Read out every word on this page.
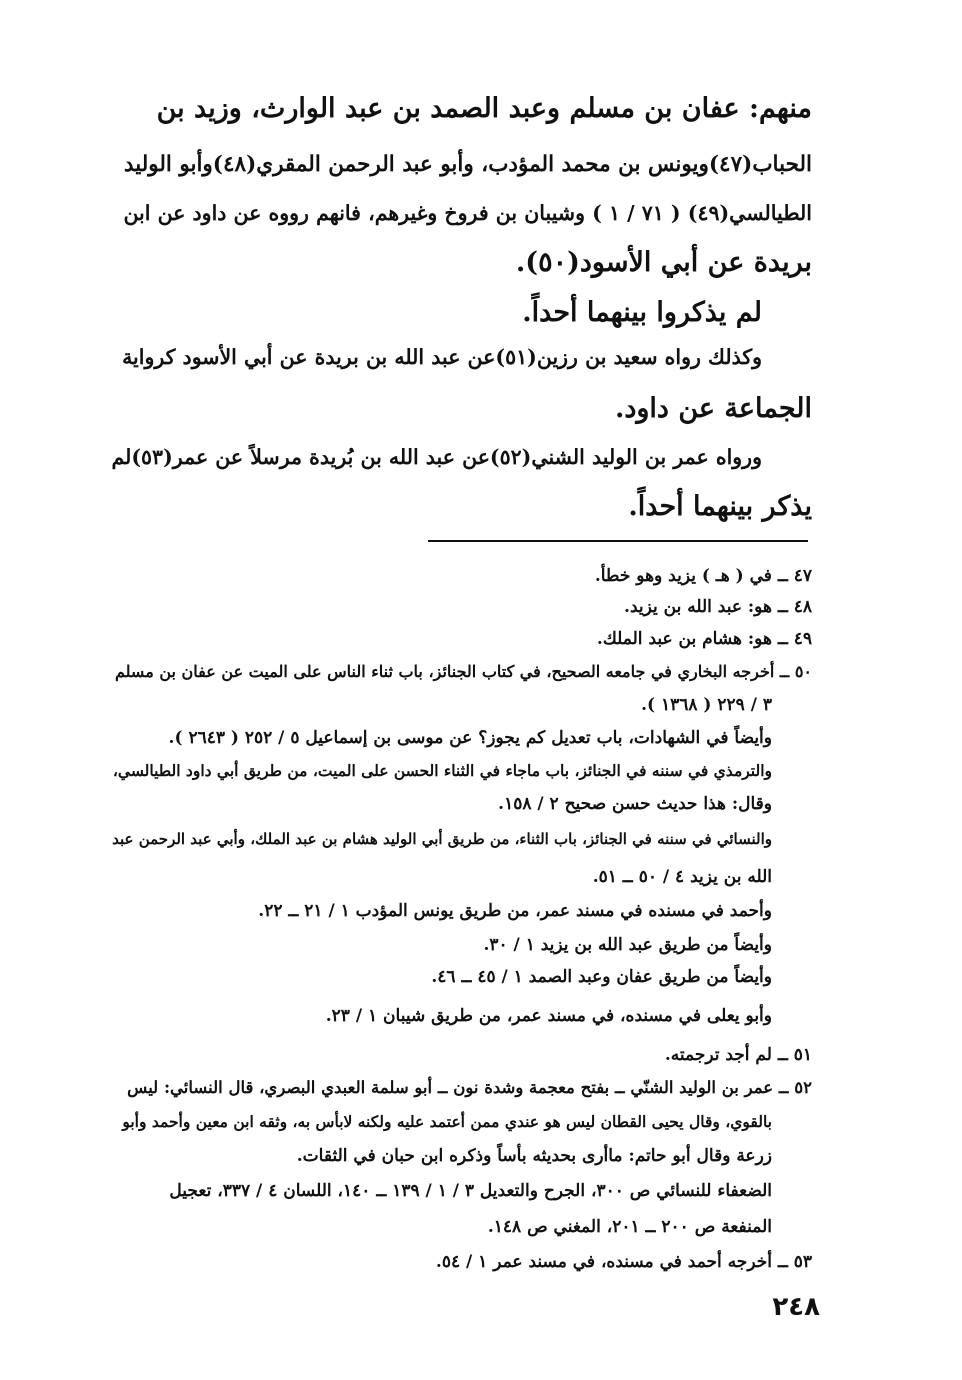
منهم: عفان بن مسلم وعبد الصمد بن عبد الوارث، وزيد بن
الحباب(٤٧)ويونس بن محمد المؤدب، وأبو عبد الرحمن المقري(٤٨)وأبو الوليد
الطيالسي(٤٩) ( ٧١ / ١ ) وشيبان بن فروخ وغيرهم، فانهم رووه عن داود عن ابن
بريدة عن أبي الأسود(٥٠).
لم يذكروا بينهما أحداً.
وكذلك رواه سعيد بن رزين(٥١)عن عبد الله بن بريدة عن أبي الأسود كرواية
الجماعة عن داود.
ورواه عمر بن الوليد الشني(٥٢)عن عبد الله بن بُريدة مرسلاً عن عمر(٥٣)لم
يذكر بينهما أحداً.
٤٧ ــ في ( هـ ) يزيد وهو خطأ.
٤٨ ــ هو: عبد الله بن يزيد.
٤٩ ــ هو: هشام بن عبد الملك.
٥٠ ــ أخرجه البخاري في جامعه الصحيح، في كتاب الجنائز، باب ثناء الناس على الميت عن عفان بن مسلم
٣ / ٢٢٩ ( ١٣٦٨ ).
وأيضاً في الشهادات، باب تعديل كم يجوز؟ عن موسى بن إسماعيل ٥ / ٢٥٢ ( ٢٦٤٣ ).
والترمذي في سننه في الجنائز، باب ماجاء في الثناء الحسن على الميت، من طريق أبي داود الطيالسي،
وقال: هذا حديث حسن صحيح ٢ / ١٥٨.
والنسائي في سننه في الجنائز، باب الثناء، من طريق أبي الوليد هشام بن عبد الملك، وأبي عبد الرحمن عبد
الله بن يزيد ٤ / ٥٠ ــ ٥١.
وأحمد في مسنده في مسند عمر، من طريق يونس المؤدب ١ / ٢١ ــ ٢٢.
وأيضاً من طريق عبد الله بن يزيد ١ / ٣٠.
وأيضاً من طريق عفان وعبد الصمد ١ / ٤٥ ــ ٤٦.
وأبو يعلى في مسنده، في مسند عمر، من طريق شيبان ١ / ٢٣.
٥١ ــ لم أجد ترجمته.
٥٢ ــ عمر بن الوليد الشنّي ــ بفتح معجمة وشدة نون ــ أبو سلمة العبدي البصري، قال النسائي: ليس
بالقوي، وقال يحيى القطان ليس هو عندي ممن أعتمد عليه ولكنه لابأس به، وثقه ابن معين وأحمد وأبو
زرعة وقال أبو حاتم: ماأرى بحديثه بأساً وذكره ابن حبان في الثقات.
الضعفاء للنسائي ص ٣٠٠، الجرح والتعديل ٣ / ١ / ١٣٩ ــ ١٤٠، اللسان ٤ / ٣٣٧، تعجيل
المنفعة ص ٢٠٠ ــ ٢٠١، المغني ص ١٤٨.
٥٣ ــ أخرجه أحمد في مسنده، في مسند عمر ١ / ٥٤.
٢٤٨
